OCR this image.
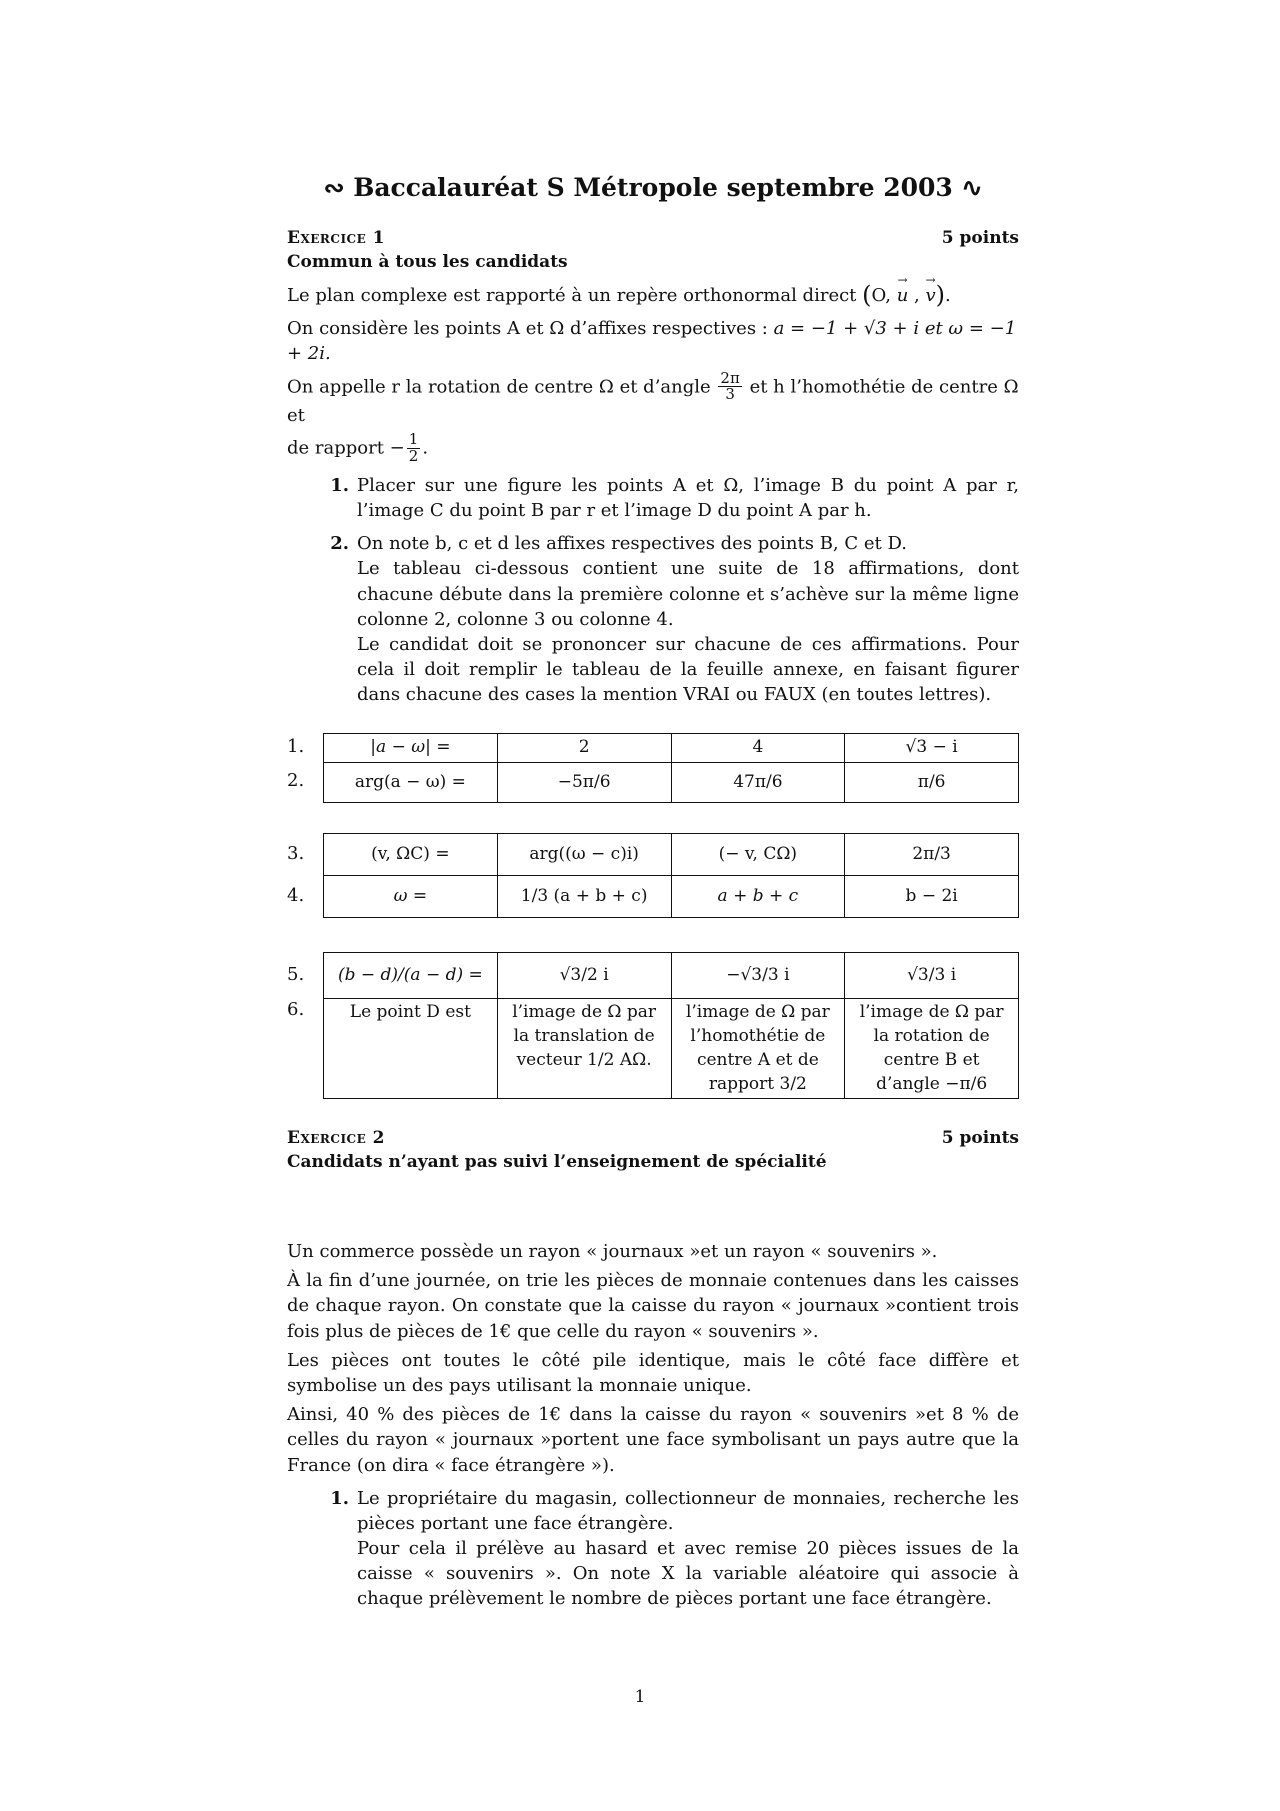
∾ Baccalauréat S Métropole septembre 2003 ∿
Exercice 1	5 points
Commun à tous les candidats

Le plan complexe est rapporté à un repère orthonormal direct (O, → u , → v).

On considère les points A et Ω d’affixes respectives : a = −1 + √3 + i et ω = −1 + 2i.

On appelle r la rotation de centre Ω et d’angle $\frac{2\pi}{3}$ et h l’homothétie de centre Ω et

de rapport − $\frac{1}{2}$ .

1. Placer sur une figure les points A et Ω, l’image B du point A par r, l’image C du point B par r et l’image D du point A par h.
2. On note b, c et d les affixes respectives des points B, C et D.
Le tableau ci-dessous contient une suite de 18 affirmations, dont chacune débute dans la première colonne et s’achève sur la même ligne colonne 2, colonne 3 ou colonne 4.
Le candidat doit se prononcer sur chacune de ces affirmations. Pour cela il doit remplir le tableau de la feuille annexe, en faisant figurer dans chacune des cases la mention VRAI ou FAUX (en toutes lettres).
1.
2.
|a − ω| =	2	4	√3 − i
arg(a − ω) =	−5π/6	47π/6	π/6
3.
4.
(v, ΩC) =	arg((ω − c)i)	(− v, CΩ)	2π/3
ω =	1/3 (a + b + c)	a + b + c	b − 2i
5.
6.
(b − d)/(a − d) =	√3/2 i	−√3/3 i	√3/3 i
Le point D est	l’image de Ω par la translation de vecteur 1/2 AΩ.	l’image de Ω par l’homothétie de centre A et de rapport 3/2	l’image de Ω par la rotation de centre B et d’angle −π/6
Exercice 2	5 points
Candidats n’ayant pas suivi l’enseignement de spécialité

Un commerce possède un rayon « journaux »et un rayon « souvenirs ».

À la fin d’une journée, on trie les pièces de monnaie contenues dans les caisses de chaque rayon. On constate que la caisse du rayon « journaux »contient trois fois plus de pièces de 1€ que celle du rayon « souvenirs ».

Les pièces ont toutes le côté pile identique, mais le côté face diffère et symbolise un des pays utilisant la monnaie unique.

Ainsi, 40 % des pièces de 1€ dans la caisse du rayon « souvenirs »et 8 % de celles du rayon « journaux »portent une face symbolisant un pays autre que la France (on dira « face étrangère »).

1. Le propriétaire du magasin, collectionneur de monnaies, recherche les pièces portant une face étrangère.
Pour cela il prélève au hasard et avec remise 20 pièces issues de la caisse « souvenirs ». On note X la variable aléatoire qui associe à chaque prélèvement le nombre de pièces portant une face étrangère.
1
